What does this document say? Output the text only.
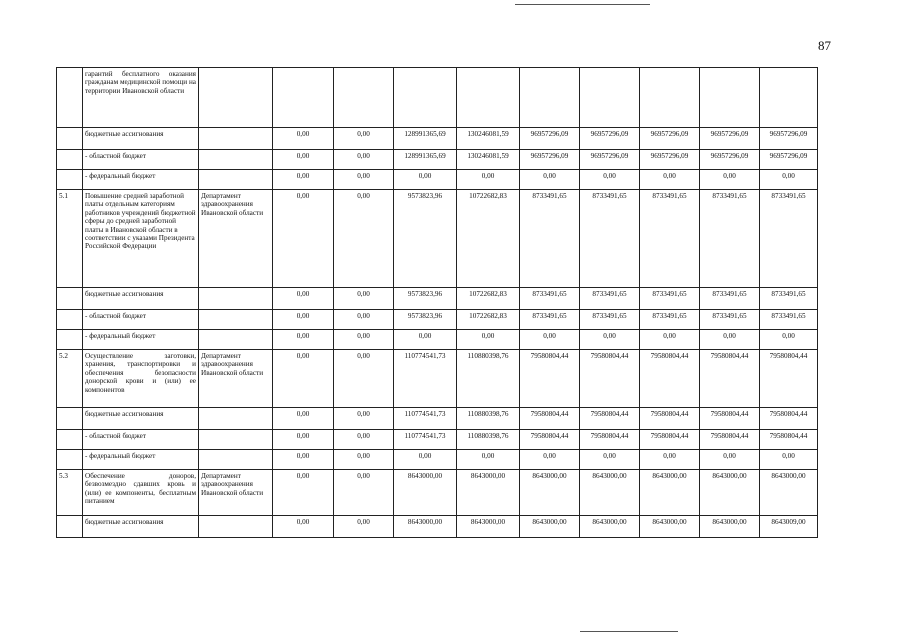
87
	гарантий бесплатного оказания гражданам медицинской помощи на территории Ивановской области										
	бюджетные ассигнования		0,00	0,00	128991365,69	130246081,59	96957296,09	96957296,09	96957296,09	96957296,09	96957296,09
	- областной бюджет		0,00	0,00	128991365,69	130246081,59	96957296,09	96957296,09	96957296,09	96957296,09	96957296,09
	- федеральный бюджет		0,00	0,00	0,00	0,00	0,00	0,00	0,00	0,00	0,00
5.1	Повышение средней заработной платы отдельным категориям работников учреждений бюджетной сферы до средней заработной платы в Ивановской области в соответствии с указами Президента Российской Федерации	Департамент здравоохранения Ивановской области	0,00	0,00	9573823,96	10722682,83	8733491,65	8733491,65	8733491,65	8733491,65	8733491,65
	бюджетные ассигнования		0,00	0,00	9573823,96	10722682,83	8733491,65	8733491,65	8733491,65	8733491,65	8733491,65
	- областной бюджет		0,00	0,00	9573823,96	10722682,83	8733491,65	8733491,65	8733491,65	8733491,65	8733491,65
	- федеральный бюджет		0,00	0,00	0,00	0,00	0,00	0,00	0,00	0,00	0,00
5.2	Осуществление заготовки, хранения, транспортировки и обеспечения безопасности донорской крови и (или) ее компонентов	Департамент здравоохранения Ивановской области	0,00	0,00	110774541,73	110880398,76	79580804,44	79580804,44	79580804,44	79580804,44	79580804,44
	бюджетные ассигнования		0,00	0,00	110774541,73	110880398,76	79580804,44	79580804,44	79580804,44	79580804,44	79580804,44
	- областной бюджет		0,00	0,00	110774541,73	110880398,76	79580804,44	79580804,44	79580804,44	79580804,44	79580804,44
	- федеральный бюджет		0,00	0,00	0,00	0,00	0,00	0,00	0,00	0,00	0,00
5.3	Обеспечение доноров, безвозмездно сдавших кровь и (или) ее компоненты, бесплатным питанием	Департамент здравоохранения Ивановской области	0,00	0,00	8643000,00	8643000,00	8643000,00	8643000,00	8643000,00	8643000,00	8643000,00
	бюджетные ассигнования		0,00	0,00	8643000,00	8643000,00	8643000,00	8643000,00	8643000,00	8643000,00	8643009,00
